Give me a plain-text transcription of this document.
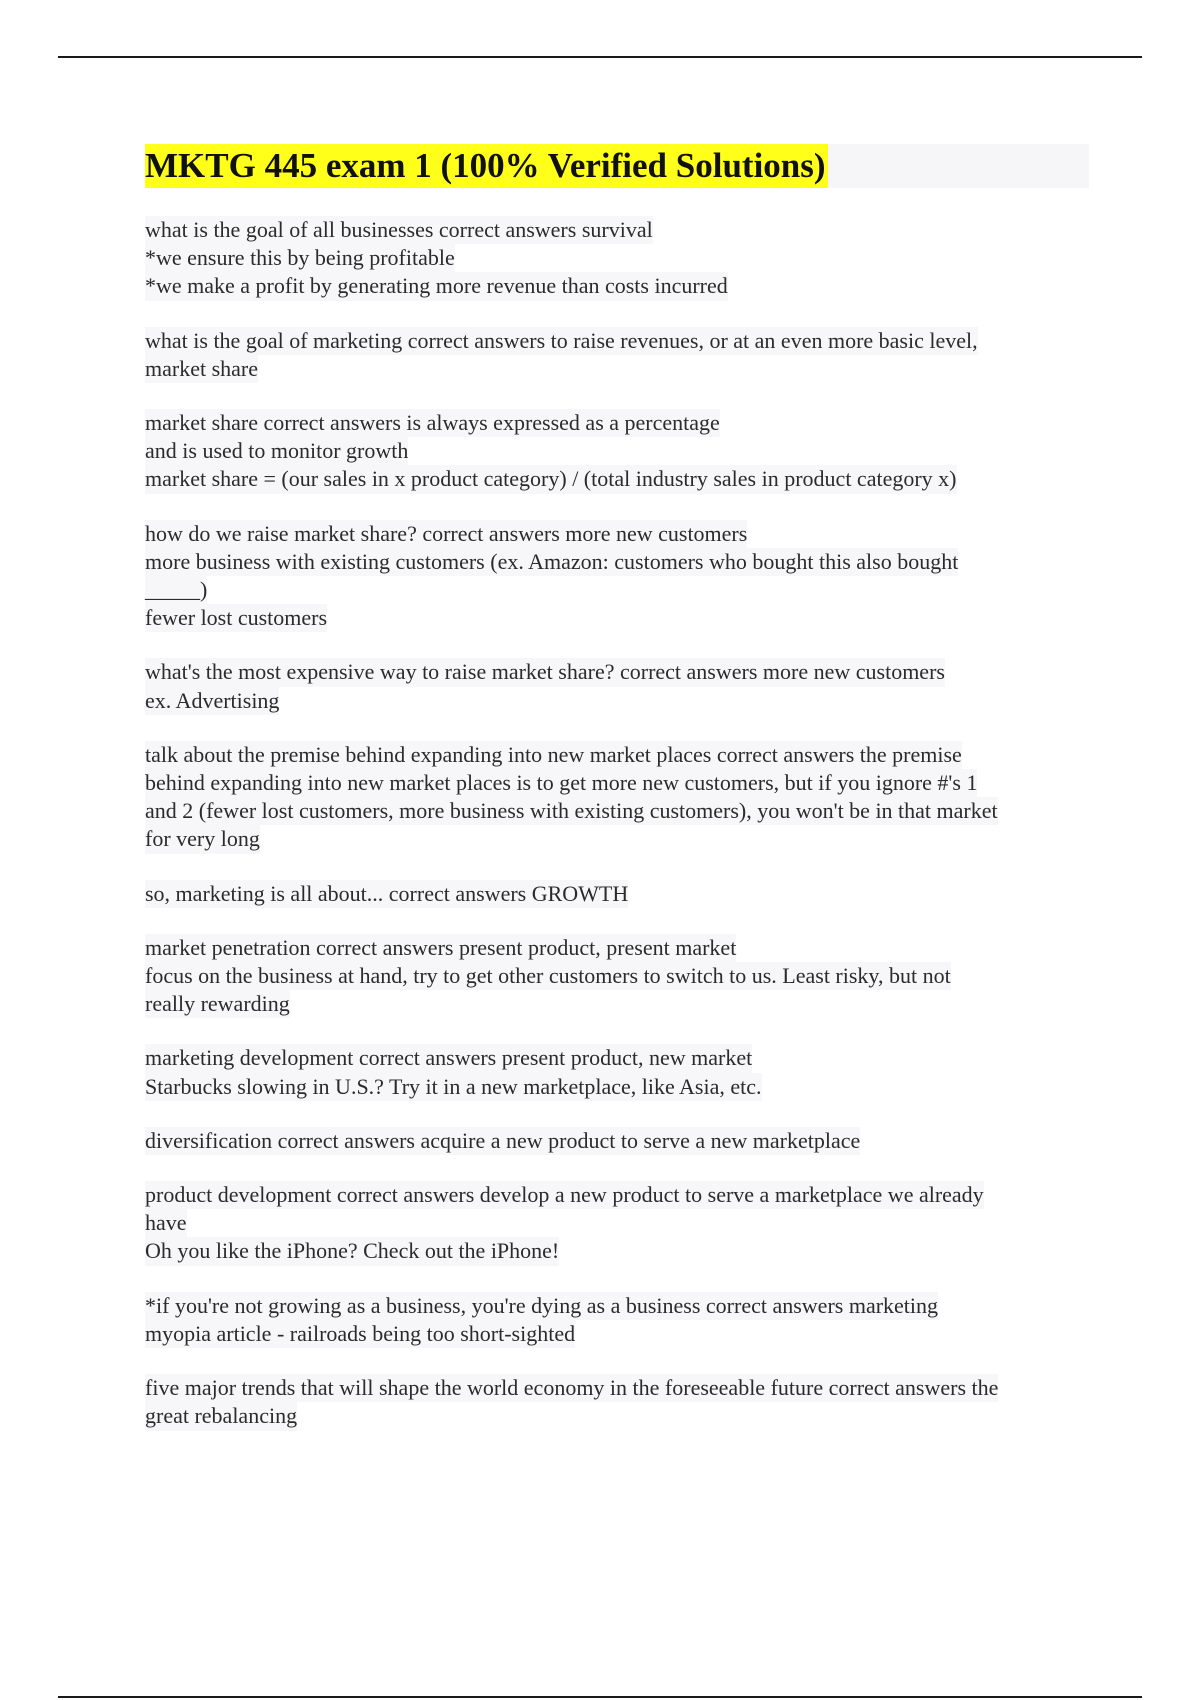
MKTG 445 exam 1 (100% Verified Solutions)
what is the goal of all businesses correct answers survival
*we ensure this by being profitable
*we make a profit by generating more revenue than costs incurred
what is the goal of marketing correct answers to raise revenues, or at an even more basic level,
market share
market share correct answers is always expressed as a percentage
and is used to monitor growth
market share = (our sales in x product category) / (total industry sales in product category x)
how do we raise market share? correct answers more new customers
more business with existing customers (ex. Amazon: customers who bought this also bought
_____)
fewer lost customers
what's the most expensive way to raise market share? correct answers more new customers
ex. Advertising
talk about the premise behind expanding into new market places correct answers the premise
behind expanding into new market places is to get more new customers, but if you ignore #'s 1
and 2 (fewer lost customers, more business with existing customers), you won't be in that market
for very long
so, marketing is all about... correct answers GROWTH
market penetration correct answers present product, present market
focus on the business at hand, try to get other customers to switch to us. Least risky, but not
really rewarding
marketing development correct answers present product, new market
Starbucks slowing in U.S.? Try it in a new marketplace, like Asia, etc.
diversification correct answers acquire a new product to serve a new marketplace
product development correct answers develop a new product to serve a marketplace we already
have
Oh you like the iPhone? Check out the iPhone!
*if you're not growing as a business, you're dying as a business correct answers marketing
myopia article - railroads being too short-sighted
five major trends that will shape the world economy in the foreseeable future correct answers the
great rebalancing
